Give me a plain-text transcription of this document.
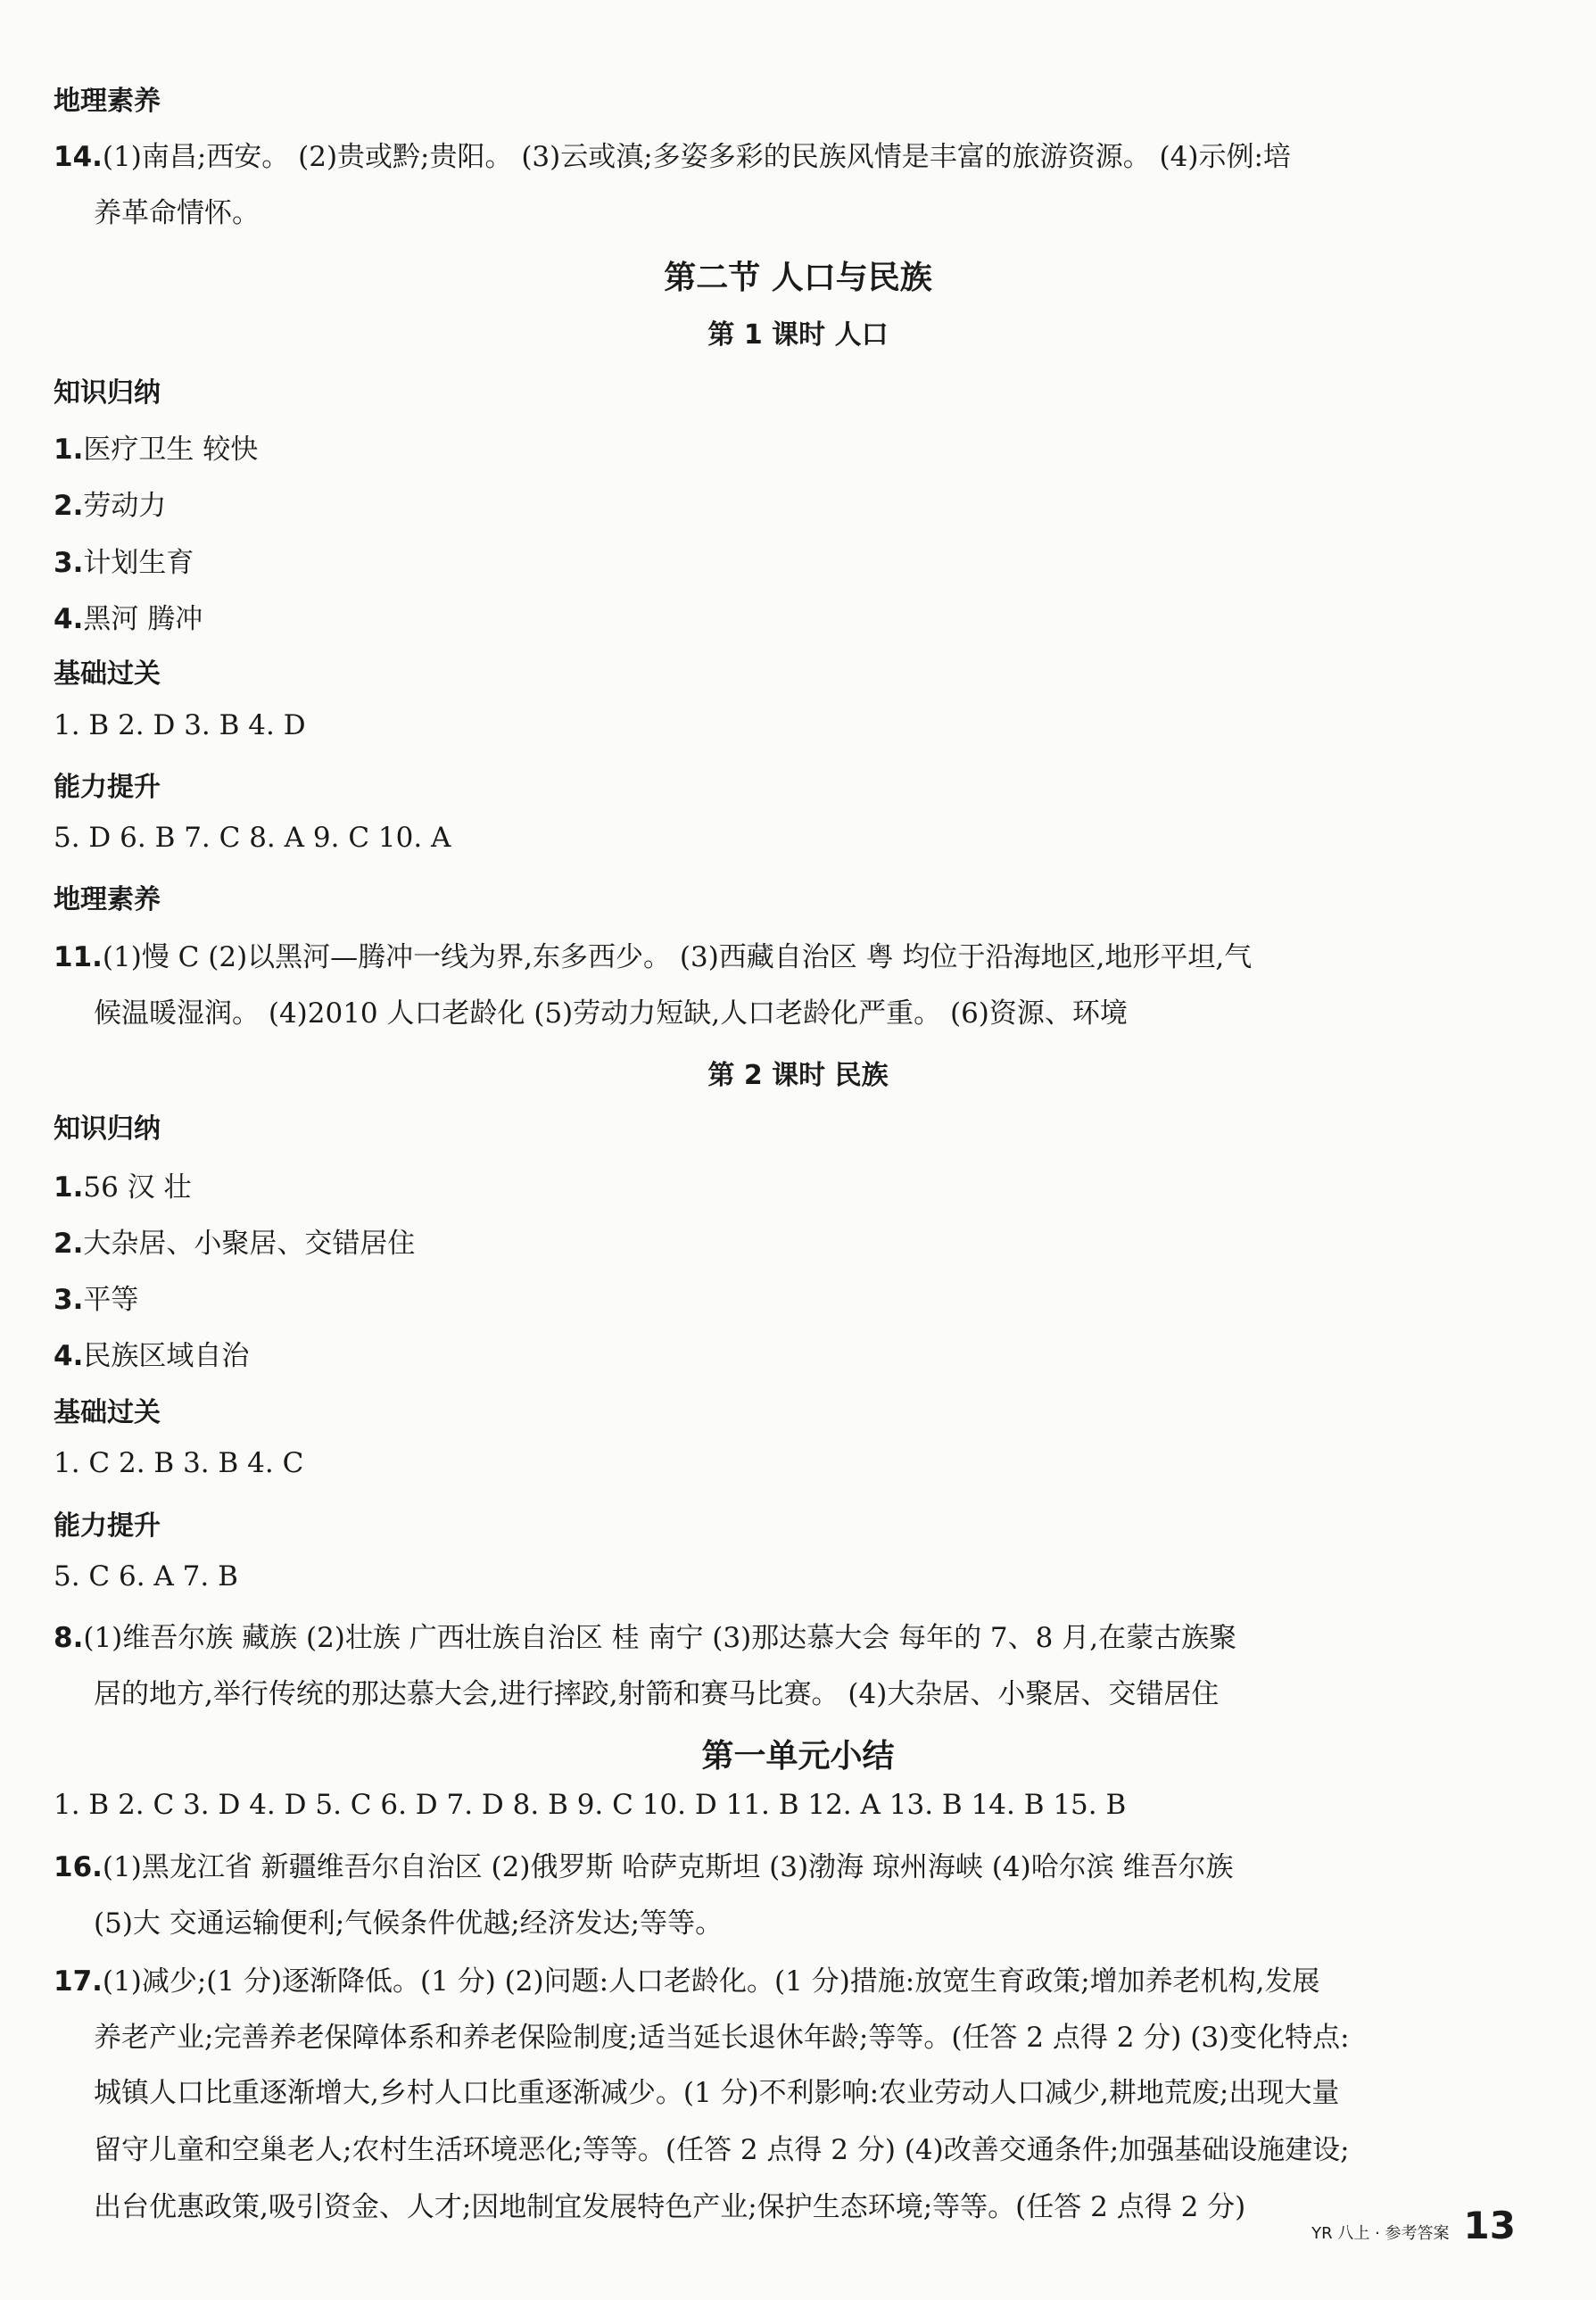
地理素养
养革命情怀。
14.(1)南昌;西安。 (2)贵或黔;贵阳。 (3)云或滇;多姿多彩的民族风情是丰富的旅游资源。 (4)示例:培
第二节 人口与民族
第 1 课时 人口
知识归纳
1.医疗卫生 较快
2.劳动力
3.计划生育
4.黑河 腾冲
基础过关
1. B 2. D 3. B 4. D
能力提升
5. D 6. B 7. C 8. A 9. C 10. A
地理素养
候温暖湿润。 (4)2010 人口老龄化 (5)劳动力短缺,人口老龄化严重。 (6)资源、环境
11.(1)慢 C (2)以黑河—腾冲一线为界,东多西少。 (3)西藏自治区 粤 均位于沿海地区,地形平坦,气
第 2 课时 民族
知识归纳
1.56 汉 壮
2.大杂居、小聚居、交错居住
3.平等
4.民族区域自治
基础过关
1. C 2. B 3. B 4. C
能力提升
5. C 6. A 7. B
居的地方,举行传统的那达慕大会,进行摔跤,射箭和赛马比赛。 (4)大杂居、小聚居、交错居住
8.(1)维吾尔族 藏族 (2)壮族 广西壮族自治区 桂 南宁 (3)那达慕大会 每年的 7、8 月,在蒙古族聚
第一单元小结
1. B 2. C 3. D 4. D 5. C 6. D 7. D 8. B 9. C 10. D 11. B 12. A 13. B 14. B 15. B
(5)大 交通运输便利;气候条件优越;经济发达;等等。
16.(1)黑龙江省 新疆维吾尔自治区 (2)俄罗斯 哈萨克斯坦 (3)渤海 琼州海峡 (4)哈尔滨 维吾尔族
养老产业;完善养老保障体系和养老保险制度;适当延长退休年龄;等等。(任答 2 点得 2 分) (3)变化特点:
17.(1)减少;(1 分)逐渐降低。(1 分) (2)问题:人口老龄化。(1 分)措施:放宽生育政策;增加养老机构,发展
城镇人口比重逐渐增大,乡村人口比重逐渐减少。(1 分)不利影响:农业劳动人口减少,耕地荒废;出现大量
留守儿童和空巢老人;农村生活环境恶化;等等。(任答 2 点得 2 分) (4)改善交通条件;加强基础设施建设;
出台优惠政策,吸引资金、人才;因地制宜发展特色产业;保护生态环境;等等。(任答 2 点得 2 分)
YR 八上 · 参考答案 13
